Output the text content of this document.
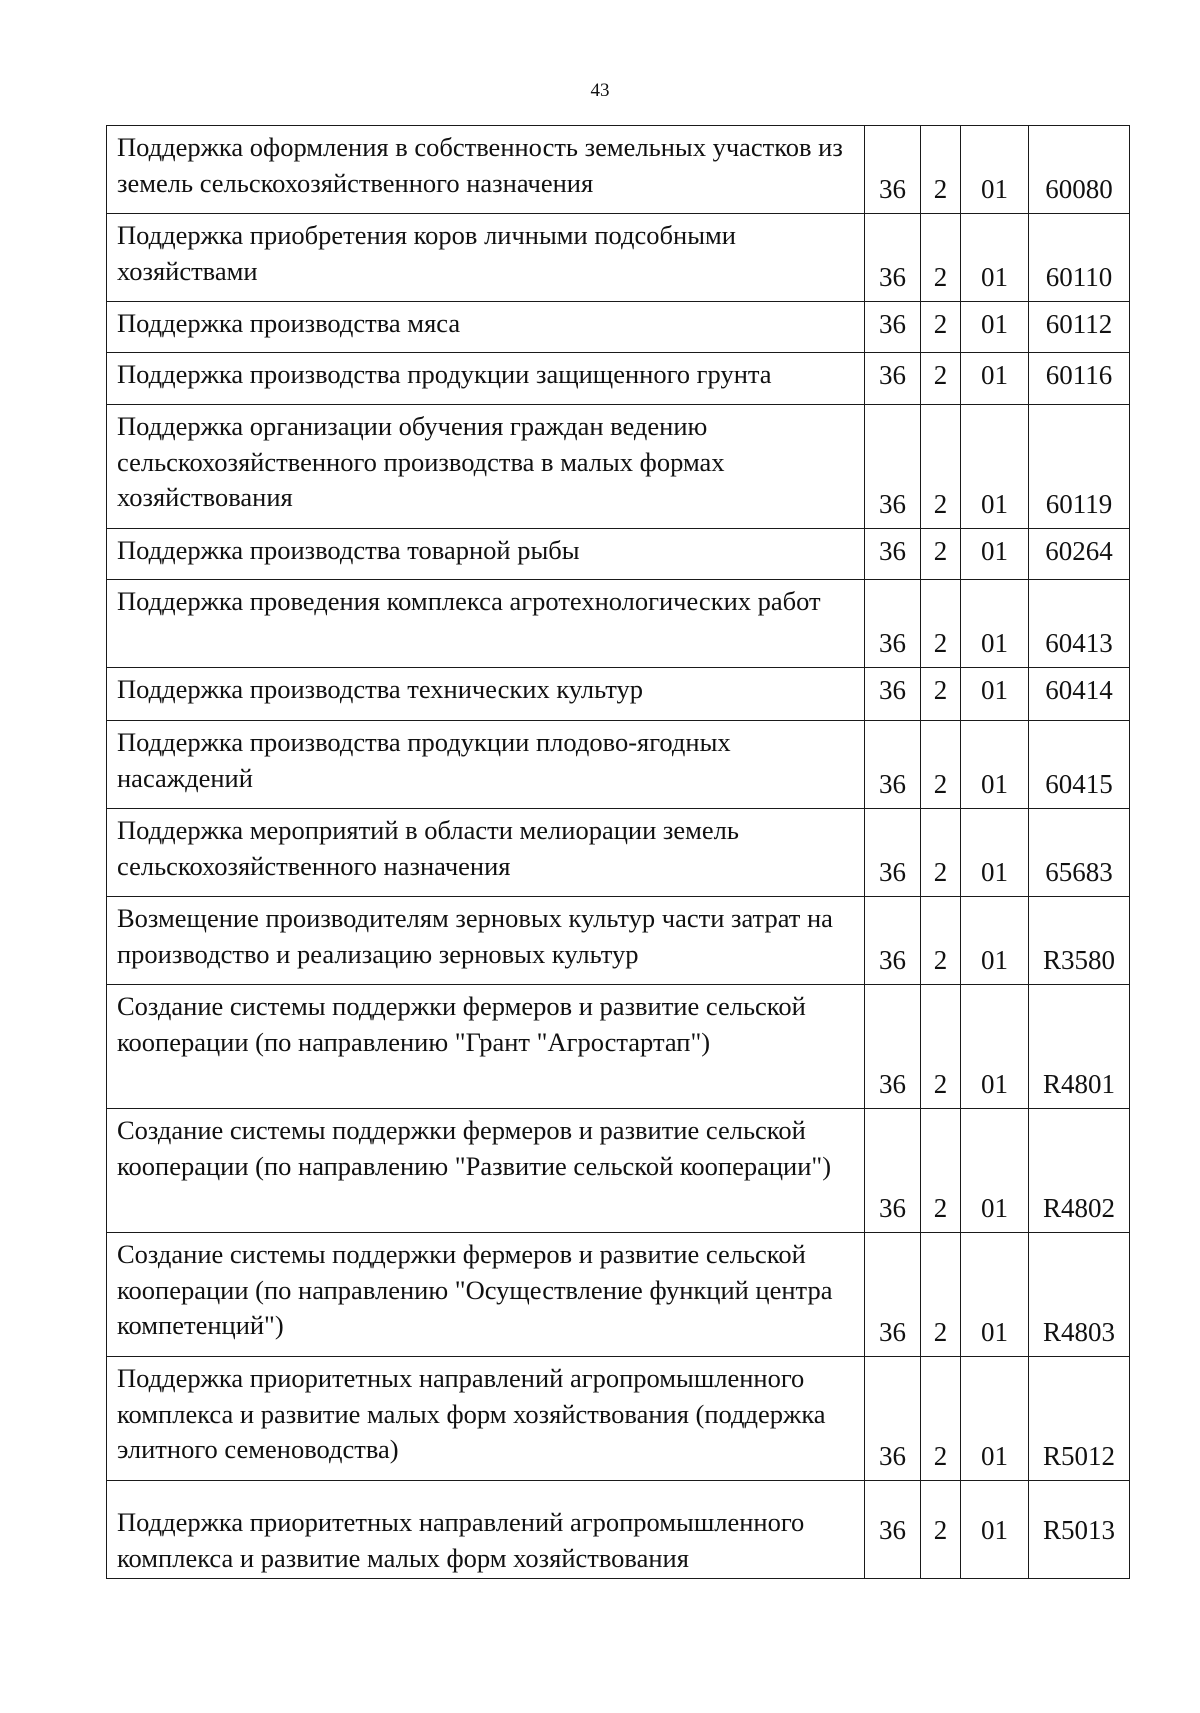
43
Поддержка оформления в собственность земельных участков из земель сельскохозяйственного назначения	36	2	01	60080
Поддержка приобретения коров личными подсобными хозяйствами	36	2	01	60110
Поддержка производства мяса	36	2	01	60112
Поддержка производства продукции защищенного грунта	36	2	01	60116
Поддержка организации обучения граждан ведению сельскохозяйственного производства в малых формах хозяйствования	36	2	01	60119
Поддержка производства товарной рыбы	36	2	01	60264
Поддержка проведения комплекса агротехнологических работ	36	2	01	60413
Поддержка производства технических культур	36	2	01	60414
Поддержка производства продукции плодово-ягодных насаждений	36	2	01	60415
Поддержка мероприятий в области мелиорации земель сельскохозяйственного назначения	36	2	01	65683
Возмещение производителям зерновых культур части затрат на производство и реализацию зерновых культур	36	2	01	R3580
Создание системы поддержки фермеров и развитие сельской кооперации (по направлению "Грант "Агростартап")	36	2	01	R4801
Создание системы поддержки фермеров и развитие сельской кооперации (по направлению "Развитие сельской кооперации")	36	2	01	R4802
Создание системы поддержки фермеров и развитие сельской кооперации (по направлению "Осуществление функций центра компетенций")	36	2	01	R4803
Поддержка приоритетных направлений агропромышленного комплекса и развитие малых форм хозяйствования (поддержка элитного семеноводства)	36	2	01	R5012
Поддержка приоритетных направлений агропромышленного комплекса и развитие малых форм хозяйствования	36	2	01	R5013
